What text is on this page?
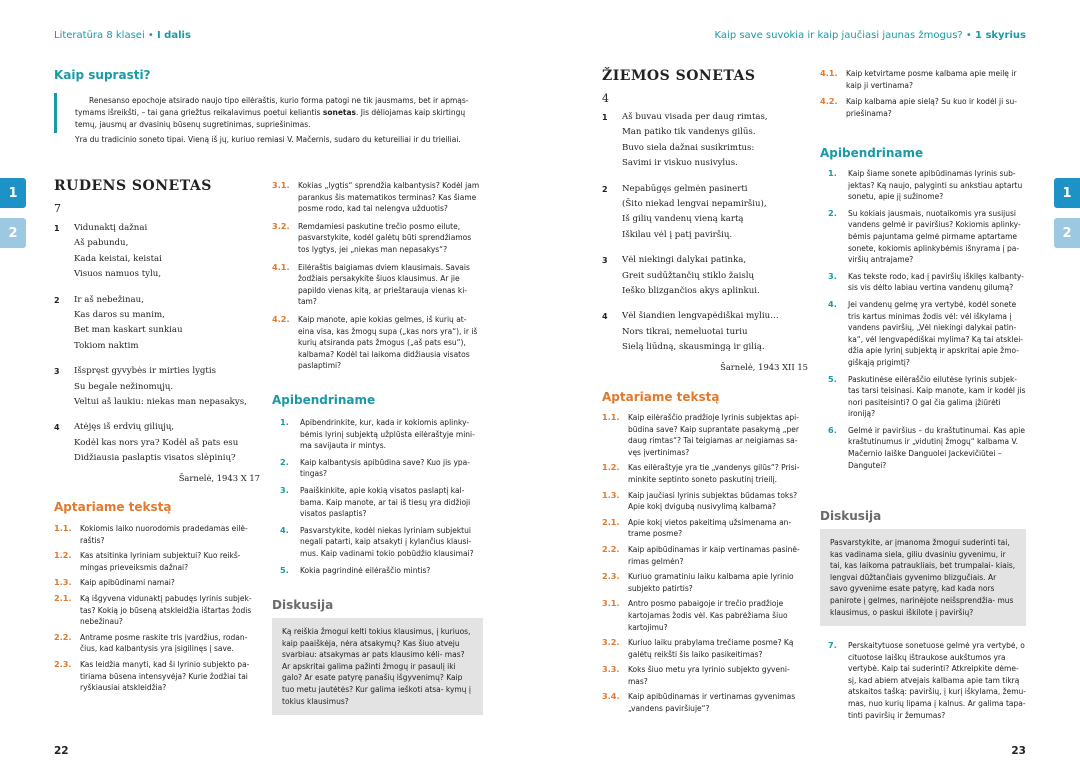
Literatūra 8 klasei • I dalis
Kaip suprasti?
Renesanso epochoje atsirado naujo tipo eilėraštis, kurio forma patogi ne tik jausmams, bet ir apmąs- tymams išreikšti, – tai gana griežtus reikalavimus poetui keliantis sonetas. Jis dėliojamas kaip skirtingų temų, jausmų ar dvasinių būsenų sugretinimas, supriešinimas.
Yra du tradicinio soneto tipai. Vieną iš jų, kuriuo remiasi V. Mačernis, sudaro du ketureiliai ir du trieiliai.
RUDENS SONETAS
7
1 Vidunaktį dažnai
Aš pabundu,
Kada keistai, keistai
Visuos namuos tylu,
2 Ir aš nebežinau,
Kas daros su manim,
Bet man kaskart sunkiau
Tokiom naktim
3 Išspręst gyvybės ir mirties lygtis
Su begale nežinomųjų.
Veltui aš laukiu: niekas man nepasakys,
4 Atėjęs iš erdvių giliųjų,
Kodėl kas nors yra? Kodėl aš pats esu
Didžiausia paslaptis visatos slėpinių?
Šarnelė, 1943 X 17
Aptariame tekstą
1.1. Kokiomis laiko nuorodomis pradedamas eilė- raštis?
1.2. Kas atsitinka lyriniam subjektui? Kuo reikš- mingas prieveiksmis dažnai?
1.3. Kaip apibūdinami namai?
2.1. Ką išgyvena vidunaktį pabudęs lyrinis subjek- tas? Kokią jo būseną atskleidžia ištartas žodis nebežinau?
2.2. Antrame posme raskite tris įvardžius, rodan- čius, kad kalbantysis yra įsigilinęs į save.
2.3. Kas leidžia manyti, kad ši lyrinio subjekto pa- tiriama būsena intensyvėja? Kurie žodžiai tai ryškiausiai atskleidžia?
3.1. Kokias „lygtis“ sprendžia kalbantysis? Kodėl jam parankus šis matematikos terminas? Kas šiame posme rodo, kad tai nelengva užduotis?
3.2. Remdamiesi paskutine trečio posmo eilute, pasvarstykite, kodėl galėtų būti sprendžiamos tos lygtys, jei „niekas man nepasakys“?
4.1. Eilėraštis baigiamas dviem klausimais. Savais žodžiais persakykite šiuos klausimus. Ar jie papildo vienas kitą, ar prieštarauja vienas ki- tam?
4.2. Kaip manote, apie kokias gelmes, iš kurių at- eina visa, kas žmogų supa („kas nors yra“), ir iš kurių atsiranda pats žmogus („aš pats esu“), kalbama? Kodėl tai laikoma didžiausia visatos paslaptimi?
Apibendriname
1. Apibendrinkite, kur, kada ir kokiomis aplinky- bėmis lyrinį subjektą užplūsta eilėraštyje mini- ma savijauta ir mintys.
2. Kaip kalbantysis apibūdina save? Kuo jis ypa- tingas?
3. Paaiškinkite, apie kokią visatos paslaptį kal- bama. Kaip manote, ar tai iš tiesų yra didžioji visatos paslaptis?
4. Pasvarstykite, kodėl niekas lyriniam subjektui negali patarti, kaip atsakyti į kylančius klausi- mus. Kaip vadinami tokio pobūdžio klausimai?
5. Kokia pagrindinė eilėraščio mintis?
Diskusija
Ką reiškia žmogui kelti tokius klausimus, į kuriuos, kaip paaiškėja, nėra atsakymų? Kas šiuo atveju svarbiau: atsakymas ar pats klausimo kėli- mas? Ar apskritai galima pažinti žmogų ir pasaulį iki galo? Ar esate patyrę panašių išgyvenimų? Kaip tuo metu jautėtės? Kur galima ieškoti atsa- kymų į tokius klausimus?
22
1
2
Kaip save suvokia ir kaip jaučiasi jaunas žmogus? • 1 skyrius
ŽIEMOS SONETAS
4
1 Aš buvau visada per daug rimtas,
Man patiko tik vandenys gilūs.
Buvo siela dažnai susikrimtus:
Savimi ir viskuo nusivylus.
2 Nepabūgęs gelmėn pasinerti
(Šito niekad lengvai nepamiršiu),
Iš gilių vandenų vieną kartą
Iškilau vėl į patį paviršių.
3 Vėl niekingi dalykai patinka,
Greit sudūžtančių stiklo žaislų
Ieško blizgančios akys aplinkui.
4 Vėl šiandien lengvapėdiškai myliu…
Nors tikrai, nemeluotai turiu
Sielą liūdną, skausmingą ir gilią.
Šarnelė, 1943 XII 15
Aptariame tekstą
1.1. Kaip eilėraščio pradžioje lyrinis subjektas api- būdina save? Kaip suprantate pasakymą „per daug rimtas“? Tai teigiamas ar neigiamas sa- vęs įvertinimas?
1.2. Kas eilėraštyje yra tie „vandenys gilūs“? Prisi- minkite septinto soneto paskutinį trieilį.
1.3. Kaip jaučiasi lyrinis subjektas būdamas toks? Apie kokį dvigubą nusivylimą kalbama?
2.1. Apie kokį vietos pakeitimą užsimenama an- trame posme?
2.2. Kaip apibūdinamas ir kaip vertinamas pasinė- rimas gelmėn?
2.3. Kuriuo gramatiniu laiku kalbama apie lyrinio subjekto patirtis?
3.1. Antro posmo pabaigoje ir trečio pradžioje kartojamas žodis vėl. Kas pabrėžiama šiuo kartojimu?
3.2. Kuriuo laiku prabylama trečiame posme? Ką galėtų reikšti šis laiko pasikeitimas?
3.3. Koks šiuo metu yra lyrinio subjekto gyveni- mas?
3.4. Kaip apibūdinamas ir vertinamas gyvenimas „vandens paviršiuje“?
4.1. Kaip ketvirtame posme kalbama apie meilę ir kaip ji vertinama?
4.2. Kaip kalbama apie sielą? Su kuo ir kodėl ji su- priešinama?
Apibendriname
1. Kaip šiame sonete apibūdinamas lyrinis sub- jektas? Ką naujo, palyginti su ankstiau aptartu sonetu, apie jį sužinome?
2. Su kokiais jausmais, nuotaikomis yra susijusi vandens gelmė ir paviršius? Kokiomis aplinky- bėmis pajuntama gelmė pirmame aptartame sonete, kokiomis aplinkybėmis išnyrama į pa- viršių antrajame?
3. Kas tekste rodo, kad į paviršių iškilęs kalbanty- sis vis dėlto labiau vertina vandenų gilumą?
4. Jei vandenų gelmę yra vertybė, kodėl sonete tris kartus minimas žodis vėl: vėl iškylama į vandens paviršių, „Vėl niekingi dalykai patin- ka“, vėl lengvapėdiškai mylima? Ką tai atsklei- džia apie lyrinį subjektą ir apskritai apie žmo- giškąją prigimtį?
5. Paskutinėse eilėraščio eilutėse lyrinis subjek- tas tarsi teisinasi. Kaip manote, kam ir kodėl jis nori pasiteisinti? O gal čia galima įžiūrėti ironiją?
6. Gelmė ir paviršius – du kraštutinumai. Kas apie kraštutinumus ir „vidutinį žmogų“ kalbama V. Mačernio laiške Danguolei Jackevičiūtei – Dangutei?
Diskusija
Pasvarstykite, ar įmanoma žmogui suderinti tai, kas vadinama siela, giliu dvasiniu gyvenimu, ir tai, kas laikoma patraukliais, bet trumpalai- kiais, lengvai dūžtančiais gyvenimo blizgučiais. Ar savo gyvenime esate patyrę, kad kada nors panirote į gelmes, narinėjote neišsprendžia- mus klausimus, o paskui iškilote į paviršių?
7. Perskaitytuose sonetuose gelmė yra vertybė, o cituotose laiškų ištraukose aukštumos yra vertybė. Kaip tai suderinti? Atkreipkite dėme- sį, kad abiem atvejais kalbama apie tam tikrą atskaitos tašką: paviršių, į kurį iškylama, žemu- mas, nuo kurių lipama į kalnus. Ar galima tapa- tinti paviršių ir žemumas?
23
1
2
